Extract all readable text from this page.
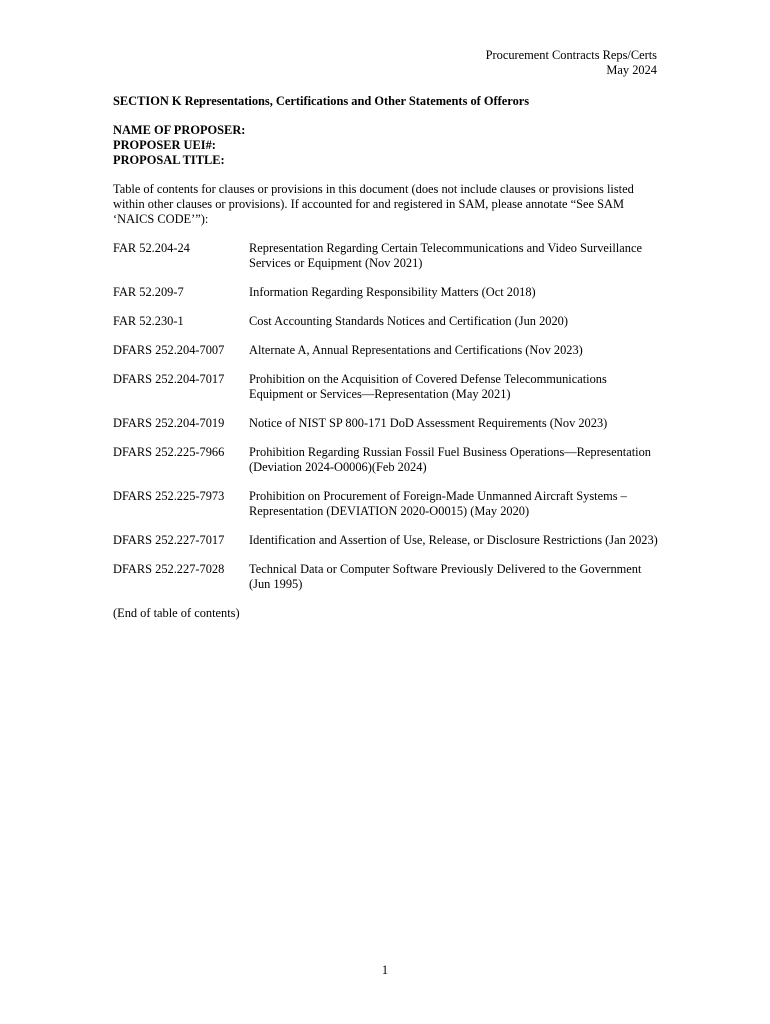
Procurement Contracts Reps/Certs
May 2024
SECTION K Representations, Certifications and Other Statements of Offerors
NAME OF PROPOSER:
PROPOSER UEI#:
PROPOSAL TITLE:
Table of contents for clauses or provisions in this document (does not include clauses or provisions listed within other clauses or provisions). If accounted for and registered in SAM, please annotate “See SAM ‘NAICS CODE’”):
FAR 52.204-24	Representation Regarding Certain Telecommunications and Video Surveillance Services or Equipment (Nov 2021)
FAR 52.209-7	Information Regarding Responsibility Matters (Oct 2018)
FAR 52.230-1	Cost Accounting Standards Notices and Certification (Jun 2020)
DFARS 252.204-7007	Alternate A, Annual Representations and Certifications (Nov 2023)
DFARS 252.204-7017	Prohibition on the Acquisition of Covered Defense Telecommunications Equipment or Services—Representation (May 2021)
DFARS 252.204-7019	Notice of NIST SP 800-171 DoD Assessment Requirements (Nov 2023)
DFARS 252.225-7966	Prohibition Regarding Russian Fossil Fuel Business Operations—Representation (Deviation 2024-O0006)(Feb 2024)
DFARS 252.225-7973	Prohibition on Procurement of Foreign-Made Unmanned Aircraft Systems – Representation (DEVIATION 2020-O0015) (May 2020)
DFARS 252.227-7017	Identification and Assertion of Use, Release, or Disclosure Restrictions (Jan 2023)
DFARS 252.227-7028	Technical Data or Computer Software Previously Delivered to the Government (Jun 1995)
(End of table of contents)
1
